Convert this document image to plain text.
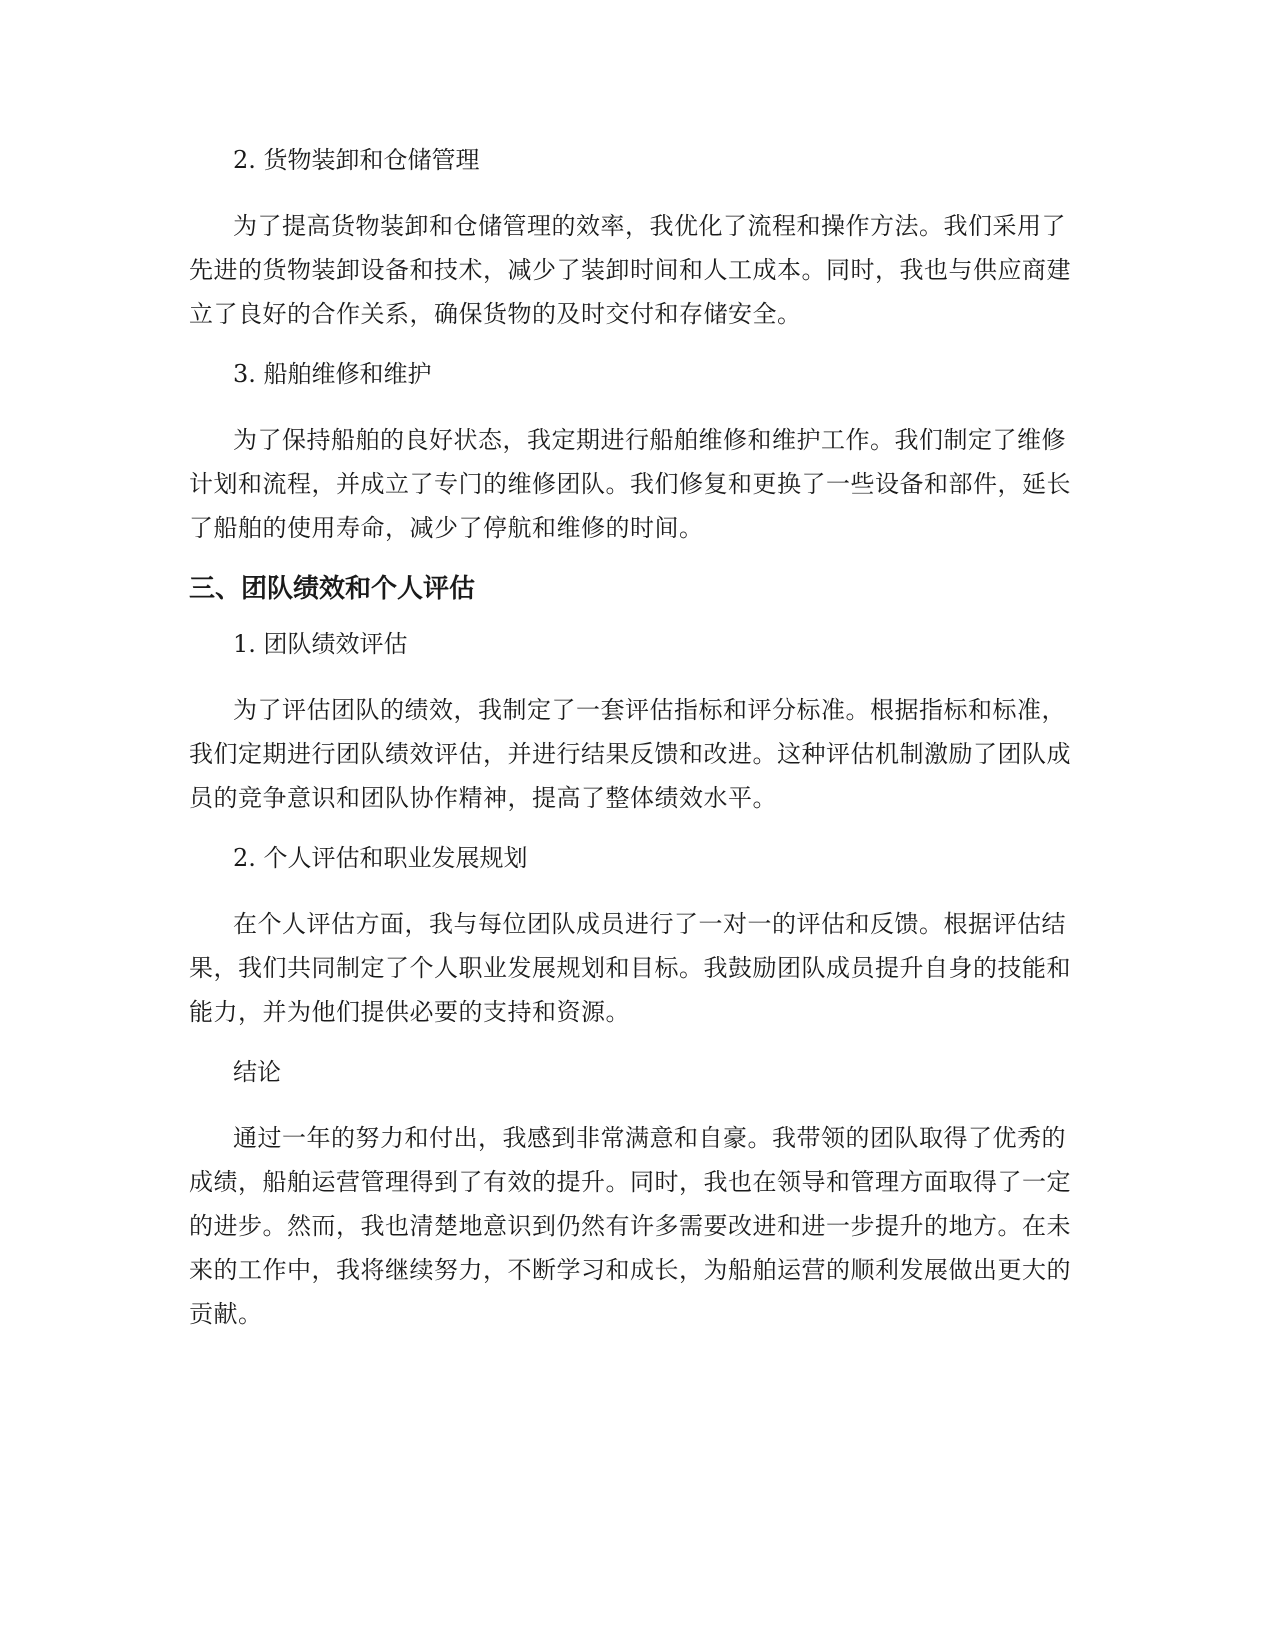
2. 货物装卸和仓储管理

为了提高货物装卸和仓储管理的效率，我优化了流程和操作方法。我们采用了先进的货物装卸设备和技术，减少了装卸时间和人工成本。同时，我也与供应商建立了良好的合作关系，确保货物的及时交付和存储安全。

3. 船舶维修和维护

为了保持船舶的良好状态，我定期进行船舶维修和维护工作。我们制定了维修计划和流程，并成立了专门的维修团队。我们修复和更换了一些设备和部件，延长了船舶的使用寿命，减少了停航和维修的时间。

三、团队绩效和个人评估
1. 团队绩效评估

为了评估团队的绩效，我制定了一套评估指标和评分标准。根据指标和标准，我们定期进行团队绩效评估，并进行结果反馈和改进。这种评估机制激励了团队成员的竞争意识和团队协作精神，提高了整体绩效水平。

2. 个人评估和职业发展规划

在个人评估方面，我与每位团队成员进行了一对一的评估和反馈。根据评估结果，我们共同制定了个人职业发展规划和目标。我鼓励团队成员提升自身的技能和能力，并为他们提供必要的支持和资源。

结论

通过一年的努力和付出，我感到非常满意和自豪。我带领的团队取得了优秀的成绩，船舶运营管理得到了有效的提升。同时，我也在领导和管理方面取得了一定的进步。然而，我也清楚地意识到仍然有许多需要改进和进一步提升的地方。在未来的工作中，我将继续努力，不断学习和成长，为船舶运营的顺利发展做出更大的贡献。
